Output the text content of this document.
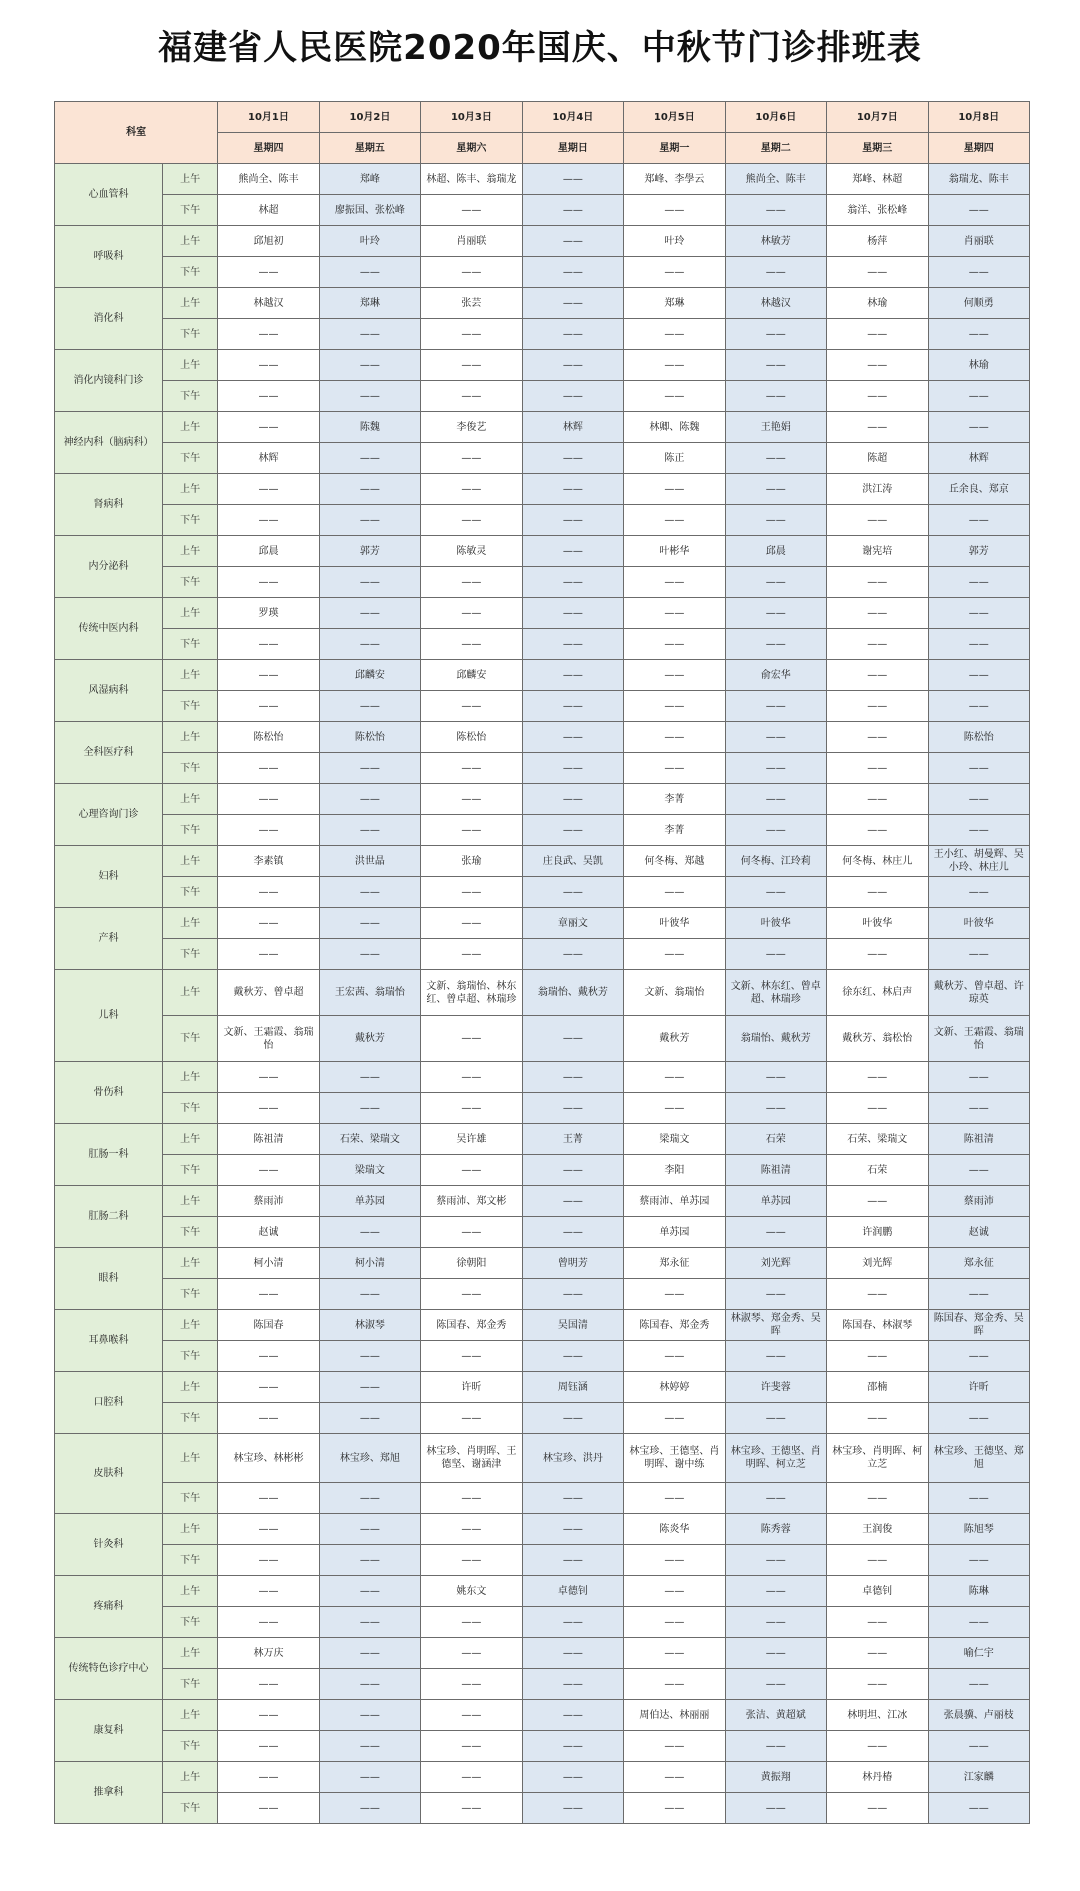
福建省人民医院2020年国庆、中秋节门诊排班表
科室		10月1日	10月2日	10月3日	10月4日	10月5日	10月6日	10月7日	10月8日
		星期四	星期五	星期六	星期日	星期一	星期二	星期三	星期四
心血管科	上午	熊尚全、陈丰	郑峰	林超、陈丰、翁瑞龙	——	郑峰、李學云	熊尚全、陈丰	郑峰、林超	翁瑞龙、陈丰
	下午	林超	廖振国、张松峰	——	——	——	——	翁洋、张松峰	——
呼吸科	上午	邱旭初	叶玲	肖丽联	——	叶玲	林敏芳	杨萍	肖丽联
	下午	——	——	——	——	——	——	——	——
消化科	上午	林越汉	郑琳	张芸	——	郑琳	林越汉	林瑜	何顺勇
	下午	——	——	——	——	——	——	——	——
消化内镜科门诊	上午	——	——	——	——	——	——	——	林瑜
	下午	——	——	——	——	——	——	——	——
神经内科（脑病科）	上午	——	陈魏	李俊艺	林辉	林卿、陈魏	王艳娟	——	——
	下午	林辉	——	——	——	陈正	——	陈超	林辉
肾病科	上午	——	——	——	——	——	——	洪江涛	丘余良、郑京
	下午	——	——	——	——	——	——	——	——
内分泌科	上午	邱晨	郭芳	陈敏灵	——	叶彬华	邱晨	谢宪培	郭芳
	下午	——	——	——	——	——	——	——	——
传统中医内科	上午	罗瑛	——	——	——	——	——	——	——
	下午	——	——	——	——	——	——	——	——
风湿病科	上午	——	邱麟安	邱麟安	——	——	俞宏华	——	——
	下午	——	——	——	——	——	——	——	——
全科医疗科	上午	陈松怡	陈松怡	陈松怡	——	——	——	——	陈松怡
	下午	——	——	——	——	——	——	——	——
心理咨询门诊	上午	——	——	——	——	李菁	——	——	——
	下午	——	——	——	——	李菁	——	——	——
妇科	上午	李素镇	洪世晶	张瑜	庄良武、吴凯	何冬梅、郑越	何冬梅、江玲莉	何冬梅、林庄儿	王小红、胡曼辉、吴小玲、林庄儿
	下午	——	——	——	——	——	——	——	——
产科	上午	——	——	——	章丽文	叶彼华	叶彼华	叶彼华	叶彼华
	下午	——	——	——	——	——	——	——	——
儿科	上午	戴秋芳、曾卓超	王宏茜、翁瑞怡	文新、翁瑞怡、林东红、曾卓超、林瑞珍	翁瑞怡、戴秋芳	文新、翁瑞怡	文新、林东红、曾卓超、林瑞珍	徐东红、林启声	戴秋芳、曾卓超、许琼英
	下午	文新、王霜霞、翁瑞怡	戴秋芳	——	——	戴秋芳	翁瑞怡、戴秋芳	戴秋芳、翁松怡	文新、王霜霞、翁瑞怡
骨伤科	上午	——	——	——	——	——	——	——	——
	下午	——	——	——	——	——	——	——	——
肛肠一科	上午	陈祖清	石荣、梁瑞文	吴许雄	王菁	梁瑞文	石荣	石荣、梁瑞文	陈祖清
	下午	——	梁瑞文	——	——	李阳	陈祖清	石荣	——
肛肠二科	上午	蔡雨沛	单苏园	蔡雨沛、郑文彬	——	蔡雨沛、单苏园	单苏园	——	蔡雨沛
	下午	赵诚	——	——	——	单苏园	——	许润鹏	赵诚
眼科	上午	柯小清	柯小清	徐朝阳	曾明芳	郑永征	刘光辉	刘光辉	郑永征
	下午	——	——	——	——	——	——	——	——
耳鼻喉科	上午	陈国春	林淑琴	陈国春、郑金秀	吴国清	陈国春、郑金秀	林淑琴、郑金秀、吴晖	陈国春、林淑琴	陈国春、郑金秀、吴晖
	下午	——	——	——	——	——	——	——	——
口腔科	上午	——	——	许昕	周钰涵	林婷婷	许斐蓉	邵楠	许昕
	下午	——	——	——	——	——	——	——	——
皮肤科	上午	林宝珍、林彬彬	林宝珍、郑旭	林宝珍、肖明晖、王德坚、谢涵津	林宝珍、洪丹	林宝珍、王德坚、肖明晖、谢中练	林宝珍、王德坚、肖明晖、柯立芝	林宝珍、肖明晖、柯立芝	林宝珍、王德坚、郑旭
	下午	——	——	——	——	——	——	——	——
针灸科	上午	——	——	——	——	陈炎华	陈秀蓉	王润俊	陈旭琴
	下午	——	——	——	——	——	——	——	——
疼痛科	上午	——	——	姚东文	卓德钊	——	——	卓德钊	陈琳
	下午	——	——	——	——	——	——	——	——
传统特色诊疗中心	上午	林万庆	——	——	——	——	——	——	喻仁宇
	下午	——	——	——	——	——	——	——	——
康复科	上午	——	——	——	——	周伯达、林丽丽	张洁、黄超斌	林明坦、江冰	张晨骥、卢丽枝
	下午	——	——	——	——	——	——	——	——
推拿科	上午	——	——	——	——	——	黄振翔	林丹椿	江家麟
	下午	——	——	——	——	——	——	——	——
